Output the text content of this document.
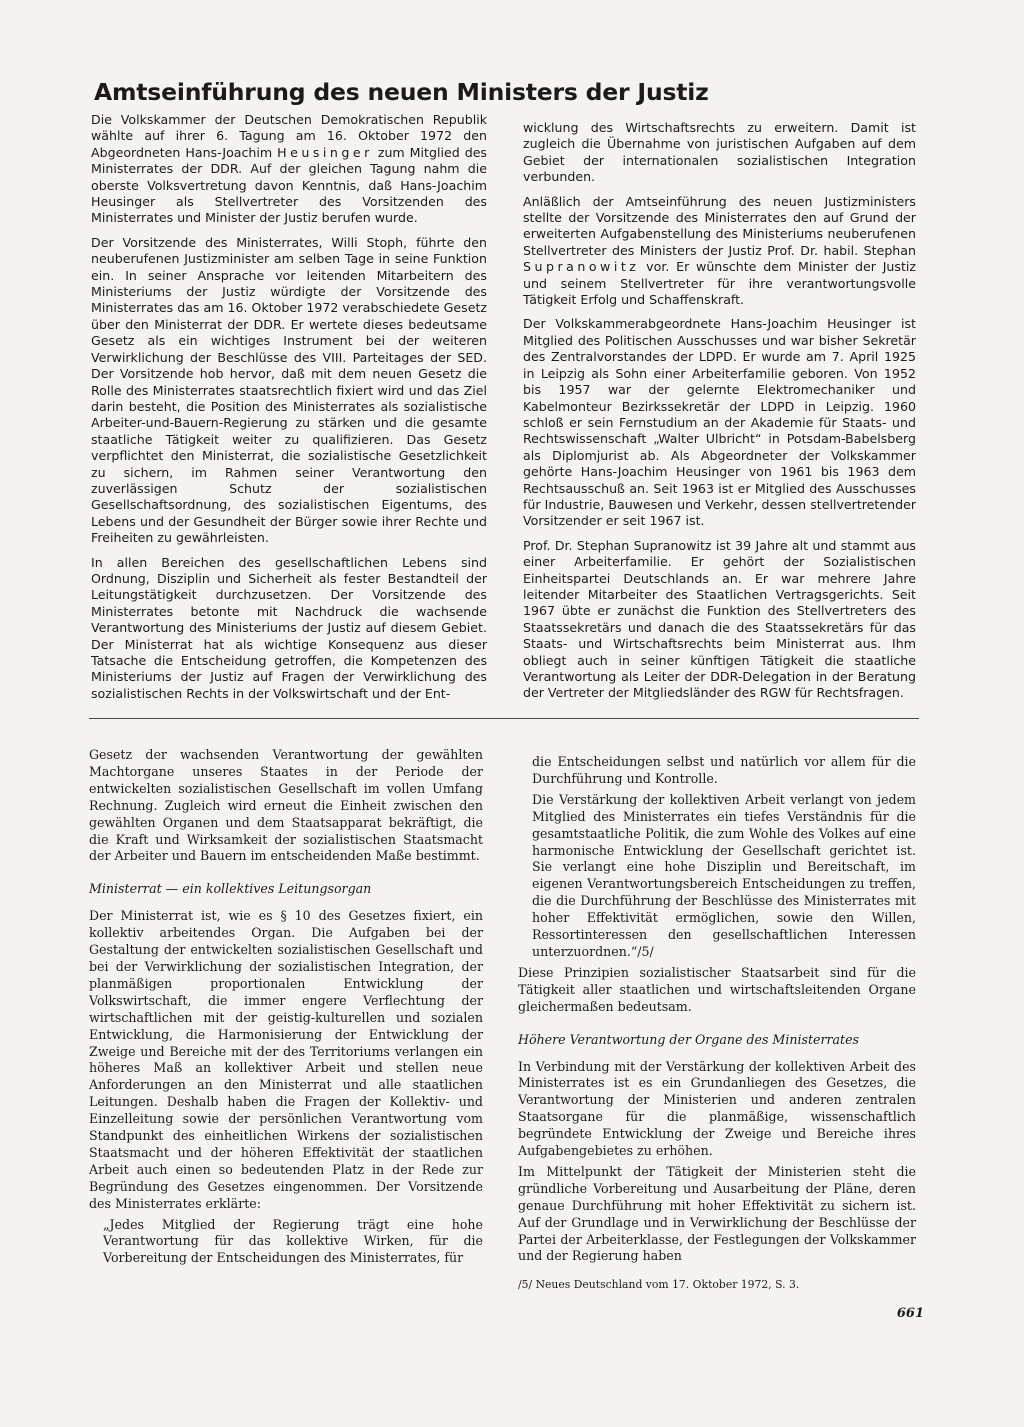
Amtseinführung des neuen Ministers der Justiz

Die Volkskammer der Deutschen Demokratischen Republik wählte auf ihrer 6. Tagung am 16. Oktober 1972 den Abgeordneten Hans-Joachim Heusinger zum Mitglied des Ministerrates der DDR. Auf der gleichen Tagung nahm die oberste Volksvertretung davon Kenntnis, daß Hans-Joachim Heusinger als Stellvertreter des Vorsitzenden des Ministerrates und Minister der Justiz berufen wurde.

Der Vorsitzende des Ministerrates, Willi Stoph, führte den neuberufenen Justizminister am selben Tage in seine Funktion ein. In seiner Ansprache vor leitenden Mitarbeitern des Ministeriums der Justiz würdigte der Vorsitzende des Ministerrates das am 16. Oktober 1972 verabschiedete Gesetz über den Ministerrat der DDR. Er wertete dieses bedeutsame Gesetz als ein wichtiges Instrument bei der weiteren Verwirklichung der Beschlüsse des VIII. Parteitages der SED. Der Vorsitzende hob hervor, daß mit dem neuen Gesetz die Rolle des Ministerrates staatsrechtlich fixiert wird und das Ziel darin besteht, die Position des Ministerrates als sozialistische Arbeiter-und-Bauern-Regierung zu stärken und die gesamte staatliche Tätigkeit weiter zu qualifizieren. Das Gesetz verpflichtet den Ministerrat, die sozialistische Gesetzlichkeit zu sichern, im Rahmen seiner Verantwortung den zuverlässigen Schutz der sozialistischen Gesellschaftsordnung, des sozialistischen Eigentums, des Lebens und der Gesundheit der Bürger sowie ihrer Rechte und Freiheiten zu gewährleisten.

In allen Bereichen des gesellschaftlichen Lebens sind Ordnung, Disziplin und Sicherheit als fester Bestandteil der Leitungstätigkeit durchzusetzen. Der Vorsitzende des Ministerrates betonte mit Nachdruck die wachsende Verantwortung des Ministeriums der Justiz auf diesem Gebiet. Der Ministerrat hat als wichtige Konsequenz aus dieser Tatsache die Entscheidung getroffen, die Kompetenzen des Ministeriums der Justiz auf Fragen der Verwirklichung des sozialistischen Rechts in der Volkswirtschaft und der Ent-

wicklung des Wirtschaftsrechts zu erweitern. Damit ist zugleich die Übernahme von juristischen Aufgaben auf dem Gebiet der internationalen sozialistischen Integration verbunden.

Anläßlich der Amtseinführung des neuen Justizministers stellte der Vorsitzende des Ministerrates den auf Grund der erweiterten Aufgabenstellung des Ministeriums neuberufenen Stellvertreter des Ministers der Justiz Prof. Dr. habil. Stephan Supranowitz vor. Er wünschte dem Minister der Justiz und seinem Stellvertreter für ihre verantwortungsvolle Tätigkeit Erfolg und Schaffenskraft.

Der Volkskammerabgeordnete Hans-Joachim Heusinger ist Mitglied des Politischen Ausschusses und war bisher Sekretär des Zentralvorstandes der LDPD. Er wurde am 7. April 1925 in Leipzig als Sohn einer Arbeiterfamilie geboren. Von 1952 bis 1957 war der gelernte Elektromechaniker und Kabelmonteur Bezirkssekretär der LDPD in Leipzig. 1960 schloß er sein Fernstudium an der Akademie für Staats- und Rechtswissenschaft „Walter Ulbricht“ in Potsdam-Babelsberg als Diplomjurist ab. Als Abgeordneter der Volkskammer gehörte Hans-Joachim Heusinger von 1961 bis 1963 dem Rechtsausschuß an. Seit 1963 ist er Mitglied des Ausschusses für Industrie, Bauwesen und Verkehr, dessen stellvertretender Vorsitzender er seit 1967 ist.

Prof. Dr. Stephan Supranowitz ist 39 Jahre alt und stammt aus einer Arbeiterfamilie. Er gehört der Sozialistischen Einheitspartei Deutschlands an. Er war mehrere Jahre leitender Mitarbeiter des Staatlichen Vertragsgerichts. Seit 1967 übte er zunächst die Funktion des Stellvertreters des Staatssekretärs und danach die des Staatssekretärs für das Staats- und Wirtschaftsrechts beim Ministerrat aus. Ihm obliegt auch in seiner künftigen Tätigkeit die staatliche Verantwortung als Leiter der DDR-Delegation in der Beratung der Vertreter der Mitgliedsländer des RGW für Rechtsfragen.

Gesetz der wachsenden Verantwortung der gewählten Machtorgane unseres Staates in der Periode der entwickelten sozialistischen Gesellschaft im vollen Umfang Rechnung. Zugleich wird erneut die Einheit zwischen den gewählten Organen und dem Staatsapparat bekräftigt, die die Kraft und Wirksamkeit der sozialistischen Staatsmacht der Arbeiter und Bauern im entscheidenden Maße bestimmt.

Ministerrat — ein kollektives Leitungsorgan

Der Ministerrat ist, wie es § 10 des Gesetzes fixiert, ein kollektiv arbeitendes Organ. Die Aufgaben bei der Gestaltung der entwickelten sozialistischen Gesellschaft und bei der Verwirklichung der sozialistischen Integration, der planmäßigen proportionalen Entwicklung der Volkswirtschaft, die immer engere Verflechtung der wirtschaftlichen mit der geistig-kulturellen und sozialen Entwicklung, die Harmonisierung der Entwicklung der Zweige und Bereiche mit der des Territoriums verlangen ein höheres Maß an kollektiver Arbeit und stellen neue Anforderungen an den Ministerrat und alle staatlichen Leitungen. Deshalb haben die Fragen der Kollektiv- und Einzelleitung sowie der persönlichen Verantwortung vom Standpunkt des einheitlichen Wirkens der sozialistischen Staatsmacht und der höheren Effektivität der staatlichen Arbeit auch einen so bedeutenden Platz in der Rede zur Begründung des Gesetzes eingenommen. Der Vorsitzende des Ministerrates erklärte:

„Jedes Mitglied der Regierung trägt eine hohe Verantwortung für das kollektive Wirken, für die Vorbereitung der Entscheidungen des Ministerrates, für

die Entscheidungen selbst und natürlich vor allem für die Durchführung und Kontrolle.

Die Verstärkung der kollektiven Arbeit verlangt von jedem Mitglied des Ministerrates ein tiefes Verständnis für die gesamtstaatliche Politik, die zum Wohle des Volkes auf eine harmonische Entwicklung der Gesellschaft gerichtet ist. Sie verlangt eine hohe Disziplin und Bereitschaft, im eigenen Verantwortungsbereich Entscheidungen zu treffen, die die Durchführung der Beschlüsse des Ministerrates mit hoher Effektivität ermöglichen, sowie den Willen, Ressortinteressen den gesellschaftlichen Interessen unterzuordnen.“/5/

Diese Prinzipien sozialistischer Staatsarbeit sind für die Tätigkeit aller staatlichen und wirtschaftsleitenden Organe gleichermaßen bedeutsam.

Höhere Verantwortung der Organe des Ministerrates

In Verbindung mit der Verstärkung der kollektiven Arbeit des Ministerrates ist es ein Grundanliegen des Gesetzes, die Verantwortung der Ministerien und anderen zentralen Staatsorgane für die planmäßige, wissenschaftlich begründete Entwicklung der Zweige und Bereiche ihres Aufgabengebietes zu erhöhen.

Im Mittelpunkt der Tätigkeit der Ministerien steht die gründliche Vorbereitung und Ausarbeitung der Pläne, deren genaue Durchführung mit hoher Effektivität zu sichern ist. Auf der Grundlage und in Verwirklichung der Beschlüsse der Partei der Arbeiterklasse, der Festlegungen der Volkskammer und der Regierung haben

/5/ Neues Deutschland vom 17. Oktober 1972, S. 3.
661
